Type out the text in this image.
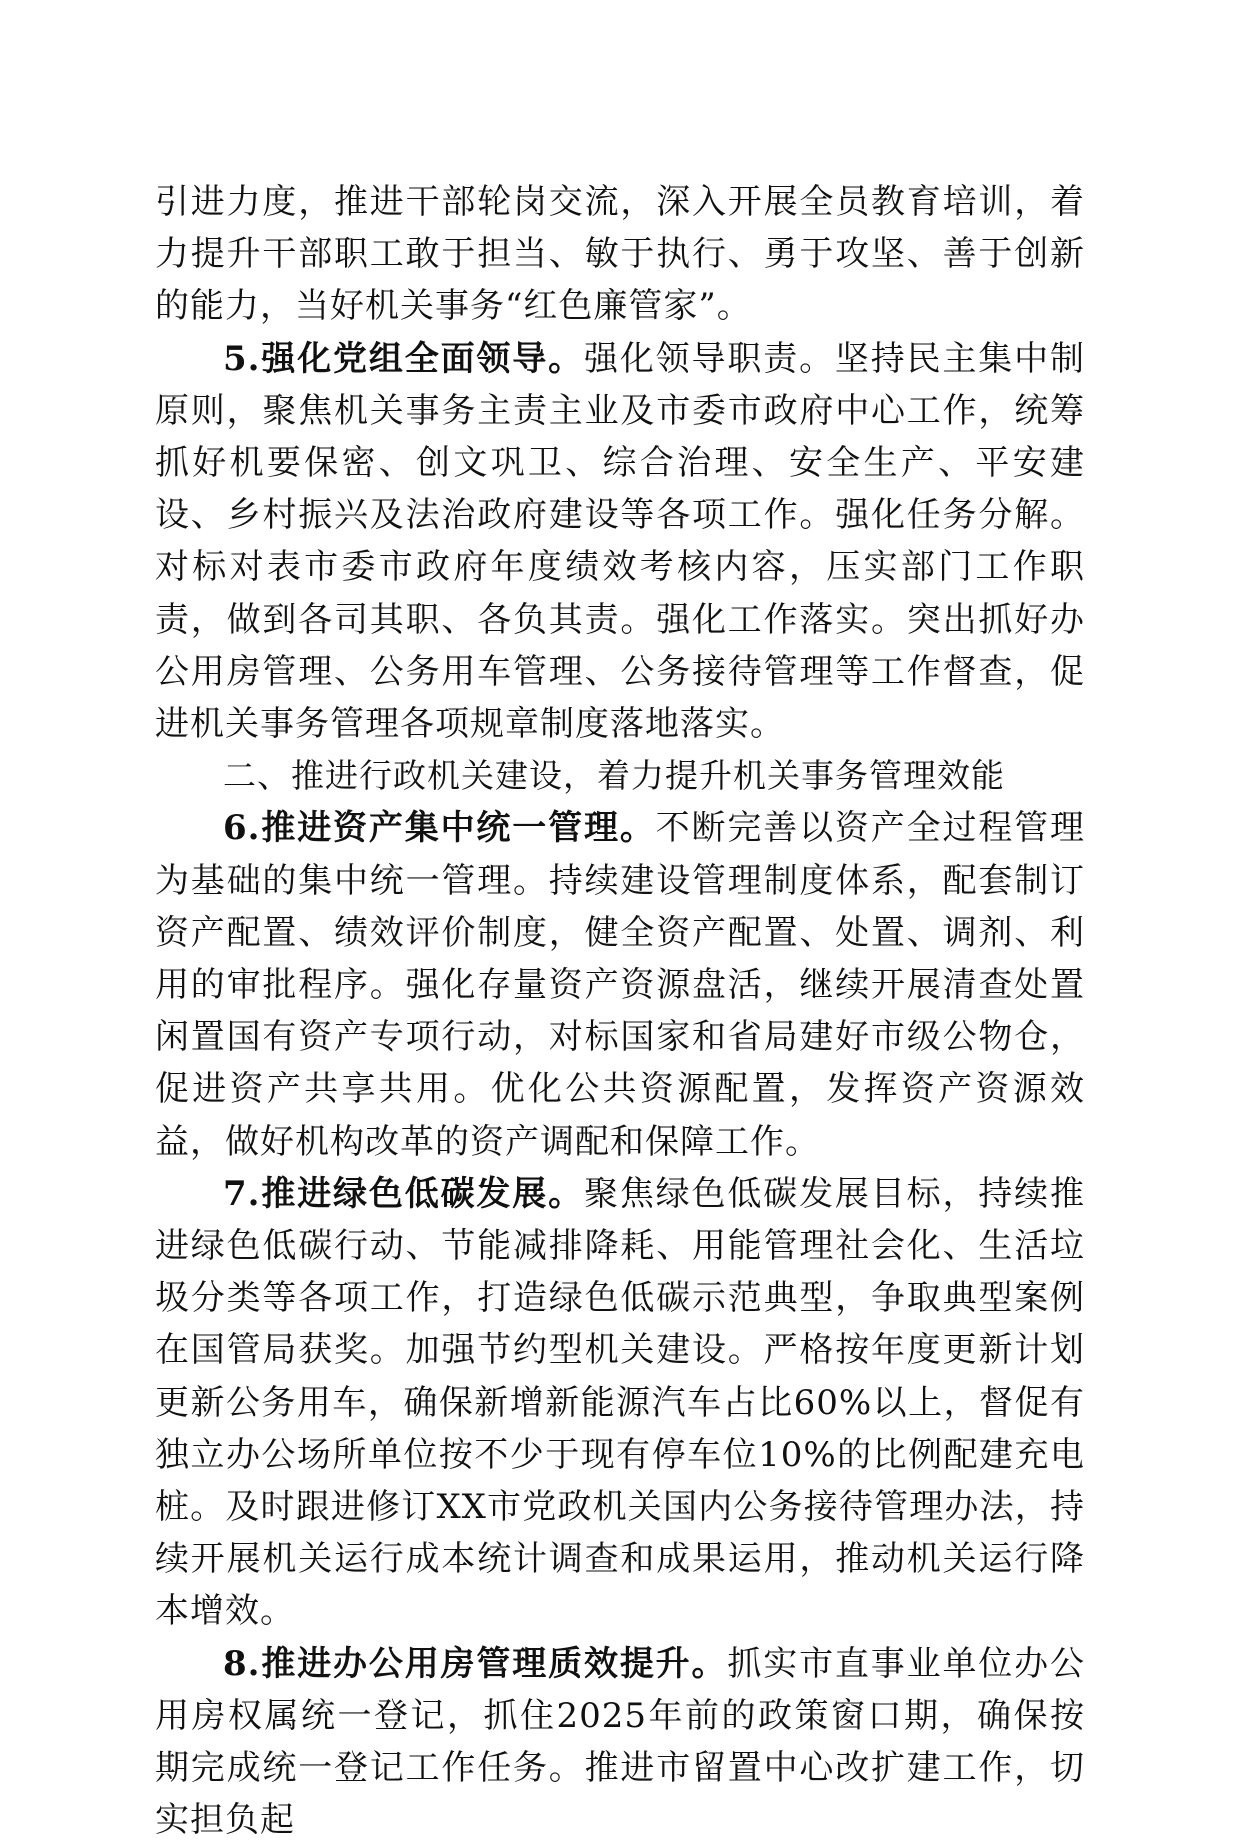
引进力度，推进干部轮岗交流，深入开展全员教育培训，着力提升干部职工敢于担当、敏于执行、勇于攻坚、善于创新的能力，当好机关事务“红色廉管家”。

5.强化党组全面领导。强化领导职责。坚持民主集中制原则，聚焦机关事务主责主业及市委市政府中心工作，统筹抓好机要保密、创文巩卫、综合治理、安全生产、平安建设、乡村振兴及法治政府建设等各项工作。强化任务分解。对标对表市委市政府年度绩效考核内容，压实部门工作职责，做到各司其职、各负其责。强化工作落实。突出抓好办公用房管理、公务用车管理、公务接待管理等工作督查，促进机关事务管理各项规章制度落地落实。

二、推进行政机关建设，着力提升机关事务管理效能

6.推进资产集中统一管理。不断完善以资产全过程管理为基础的集中统一管理。持续建设管理制度体系，配套制订资产配置、绩效评价制度，健全资产配置、处置、调剂、利用的审批程序。强化存量资产资源盘活，继续开展清查处置闲置国有资产专项行动，对标国家和省局建好市级公物仓，促进资产共享共用。优化公共资源配置，发挥资产资源效益，做好机构改革的资产调配和保障工作。

7.推进绿色低碳发展。聚焦绿色低碳发展目标，持续推进绿色低碳行动、节能减排降耗、用能管理社会化、生活垃圾分类等各项工作，打造绿色低碳示范典型，争取典型案例在国管局获奖。加强节约型机关建设。严格按年度更新计划更新公务用车，确保新增新能源汽车占比60%以上，督促有独立办公场所单位按不少于现有停车位10%的比例配建充电桩。及时跟进修订XX市党政机关国内公务接待管理办法，持续开展机关运行成本统计调查和成果运用，推动机关运行降本增效。

8.推进办公用房管理质效提升。抓实市直事业单位办公用房权属统一登记，抓住2025年前的政策窗口期，确保按期完成统一登记工作任务。推进市留置中心改扩建工作，切实担负起
